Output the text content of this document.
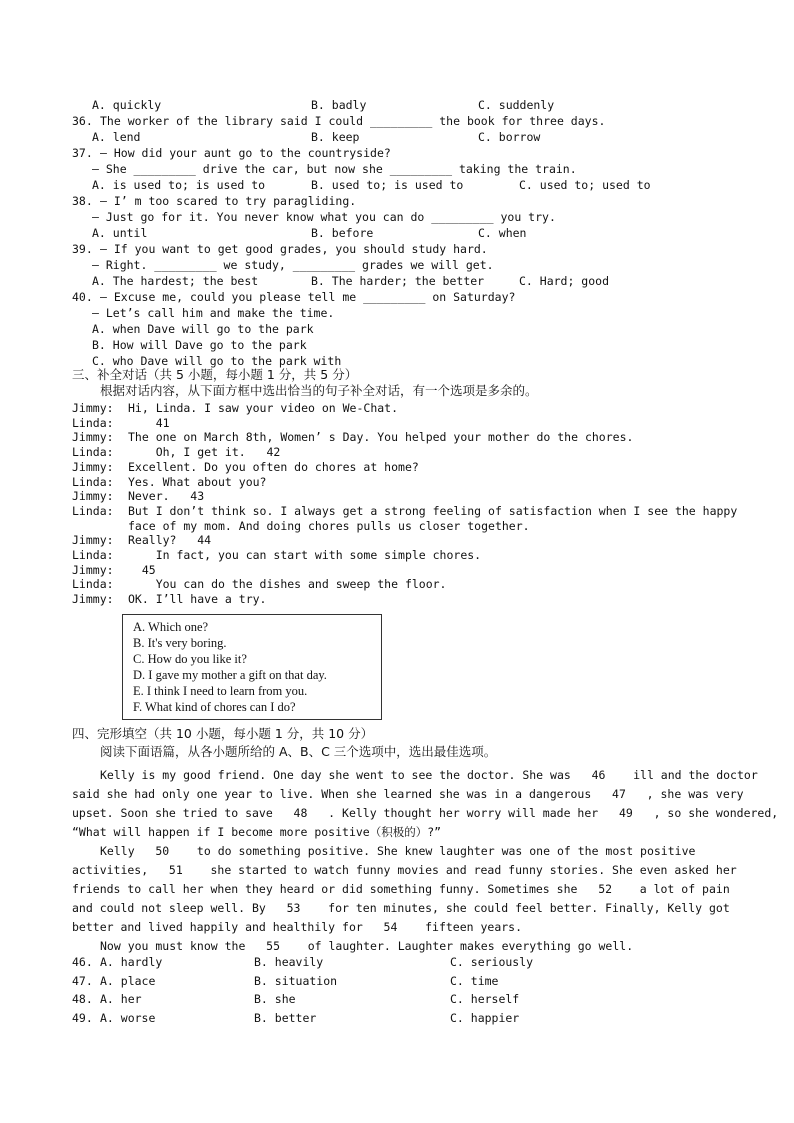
A. quickly	B. badly	C. suddenly
36. The worker of the library said I could _________ the book for three days.
A. lend	B. keep	C. borrow
37. — How did your aunt go to the countryside?
— She _________ drive the car, but now she _________ taking the train.
A. is used to; is used to	B. used to; is used to	C. used to; used to
38. — I’ m too scared to try paragliding.
— Just go for it. You never know what you can do _________ you try.
A. until	B. before	C. when
39. — If you want to get good grades, you should study hard.
— Right. _________ we study, _________ grades we will get.
A. The hardest; the best	B. The harder; the better	C. Hard; good
40. — Excuse me, could you please tell me _________ on Saturday?
— Let’s call him and make the time.
A. when Dave will go to the park
B. How will Dave go to the park
C. who Dave will go to the park with
三、补全对话（共 5 小题，每小题 1 分，共 5 分）
根据对话内容，从下面方框中选出恰当的句子补全对话，有一个选项是多余的。
Jimmy: Hi, Linda. I saw your video on We-Chat.
Linda: 41
Jimmy: The one on March 8th, Women’ s Day. You helped your mother do the chores.
Linda: Oh, I get it.   42
Jimmy: Excellent. Do you often do chores at home?
Linda: Yes. What about you?
Jimmy: Never.   43
Linda: But I don’t think so. I always get a strong feeling of satisfaction when I see the happy
face of my mom. And doing chores pulls us closer together.
Jimmy: Really?   44
Linda: In fact, you can start with some simple chores.
Jimmy: 45
Linda: You can do the dishes and sweep the floor.
Jimmy: OK. I’ll have a try.
A. Which one?
B. It's very boring.
C. How do you like it?
D. I gave my mother a gift on that day.
E. I think I need to learn from you.
F. What kind of chores can I do?
四、完形填空（共 10 小题，每小题 1 分，共 10 分）
阅读下面语篇，从各小题所给的 A、B、C 三个选项中，选出最佳选项。
Kelly is my good friend. One day she went to see the doctor. She was   46    ill and the doctor
said she had only one year to live. When she learned she was in a dangerous   47   , she was very
upset. Soon she tried to save   48   . Kelly thought her worry will made her   49   , so she wondered,
“What will happen if I become more positive（积极的）?”
Kelly   50    to do something positive. She knew laughter was one of the most positive
activities,   51    she started to watch funny movies and read funny stories. She even asked her
friends to call her when they heard or did something funny. Sometimes she   52    a lot of pain
and could not sleep well. By   53    for ten minutes, she could feel better. Finally, Kelly got
better and lived happily and healthily for   54    fifteen years.
Now you must know the   55    of laughter. Laughter makes everything go well.
46. A. hardly	B. heavily	C. seriously
47. A. place	B. situation	C. time
48. A. her	B. she	C. herself
49. A. worse	B. better	C. happier
